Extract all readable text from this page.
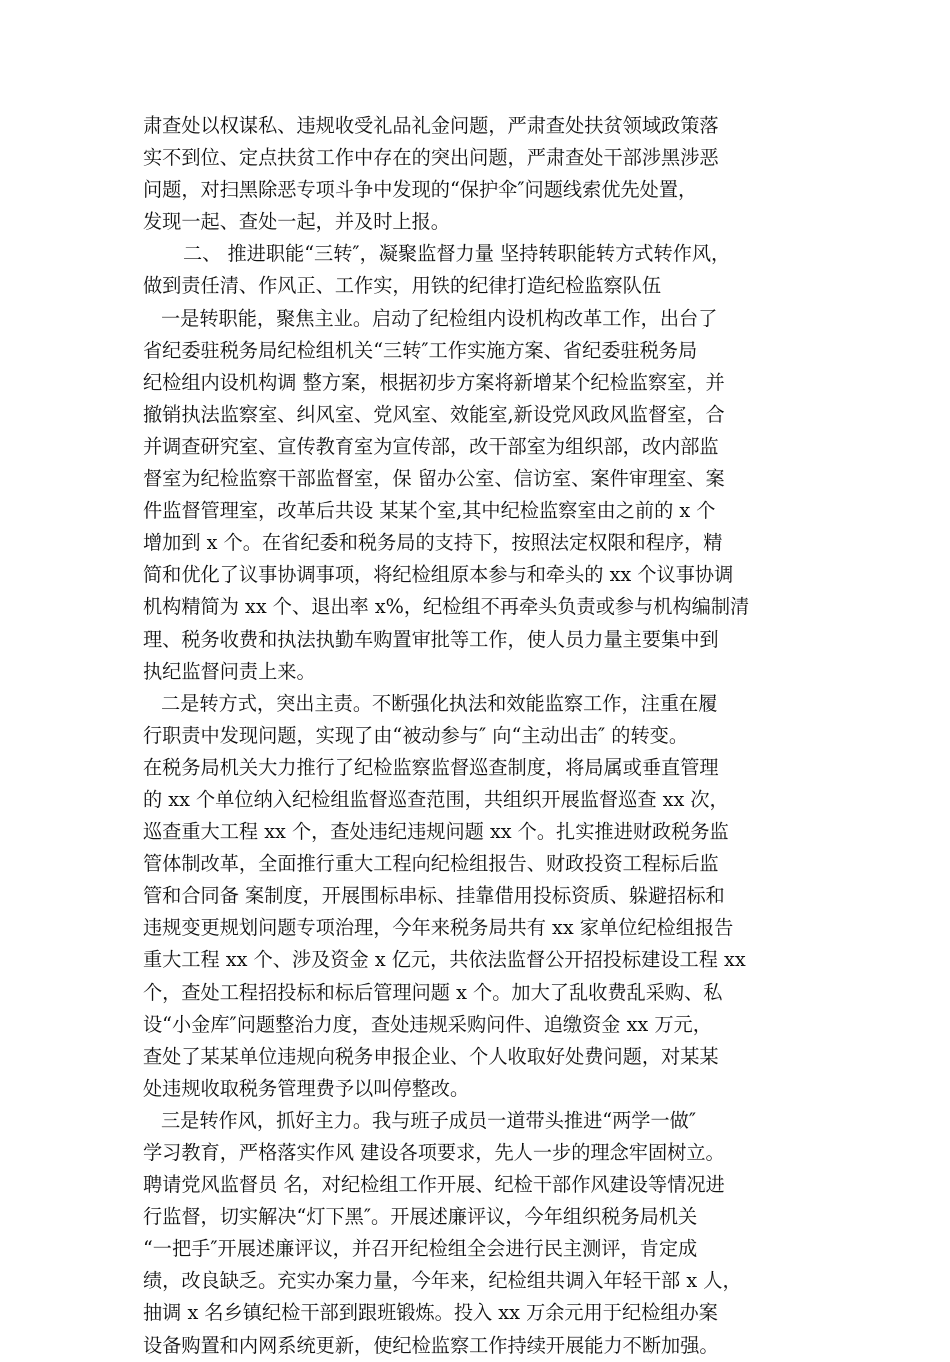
肃查处以权谋私、违规收受礼品礼金问题，严肃查处扶贫领域政策落
实不到位、定点扶贫工作中存在的突出问题，严肃查处干部涉黑涉恶
问题，对扫黑除恶专项斗争中发现的“保护伞″问题线索优先处置，
发现一起、查处一起，并及时上报。
二、 推进职能“三转″，凝聚监督力量 坚持转职能转方式转作风，
做到责任清、作风正、工作实，用铁的纪律打造纪检监察队伍
一是转职能，聚焦主业。启动了纪检组内设机构改革工作，出台了
省纪委驻税务局纪检组机关“三转″工作实施方案、省纪委驻税务局
纪检组内设机构调 整方案，根据初步方案将新增某个纪检监察室，并
撤销执法监察室、纠风室、党风室、效能室,新设党风政风监督室，合
并调查研究室、宣传教育室为宣传部，改干部室为组织部，改内部监
督室为纪检监察干部监督室，保 留办公室、信访室、案件审理室、案
件监督管理室，改革后共设 某某个室,其中纪检监察室由之前的 x 个
增加到 x 个。在省纪委和税务局的支持下，按照法定权限和程序，精
简和优化了议事协调事项，将纪检组原本参与和牵头的 xx 个议事协调
机构精简为 xx 个、退出率 x%，纪检组不再牵头负责或参与机构编制清
理、税务收费和执法执勤车购置审批等工作，使人员力量主要集中到
执纪监督问责上来。
二是转方式，突出主责。不断强化执法和效能监察工作，注重在履
行职责中发现问题，实现了由“被动参与″ 向“主动出击″ 的转变。
在税务局机关大力推行了纪检监察监督巡查制度，将局属或垂直管理
的 xx 个单位纳入纪检组监督巡查范围，共组织开展监督巡查 xx 次，
巡查重大工程 xx 个，查处违纪违规问题 xx 个。扎实推进财政税务监
管体制改革，全面推行重大工程向纪检组报告、财政投资工程标后监
管和合同备 案制度，开展围标串标、挂靠借用投标资质、躲避招标和
违规变更规划问题专项治理，今年来税务局共有 xx 家单位纪检组报告
重大工程 xx 个、涉及资金 x 亿元，共依法监督公开招投标建设工程 xx
个，查处工程招投标和标后管理问题 x 个。加大了乱收费乱采购、私
设“小金库″问题整治力度，查处违规采购问件、追缴资金 xx 万元，
查处了某某单位违规向税务申报企业、个人收取好处费问题，对某某
处违规收取税务管理费予以叫停整改。
三是转作风，抓好主力。我与班子成员一道带头推进“两学一做″
学习教育，严格落实作风 建设各项要求，先人一步的理念牢固树立。
聘请党风监督员 名，对纪检组工作开展、纪检干部作风建设等情况进
行监督，切实解决“灯下黑″。开展述廉评议，今年组织税务局机关
“一把手″开展述廉评议，并召开纪检组全会进行民主测评，肯定成
绩，改良缺乏。充实办案力量，今年来，纪检组共调入年轻干部 x 人，
抽调 x 名乡镇纪检干部到跟班锻炼。投入 xx 万余元用于纪检组办案
设备购置和内网系统更新，使纪检监察工作持续开展能力不断加强。
